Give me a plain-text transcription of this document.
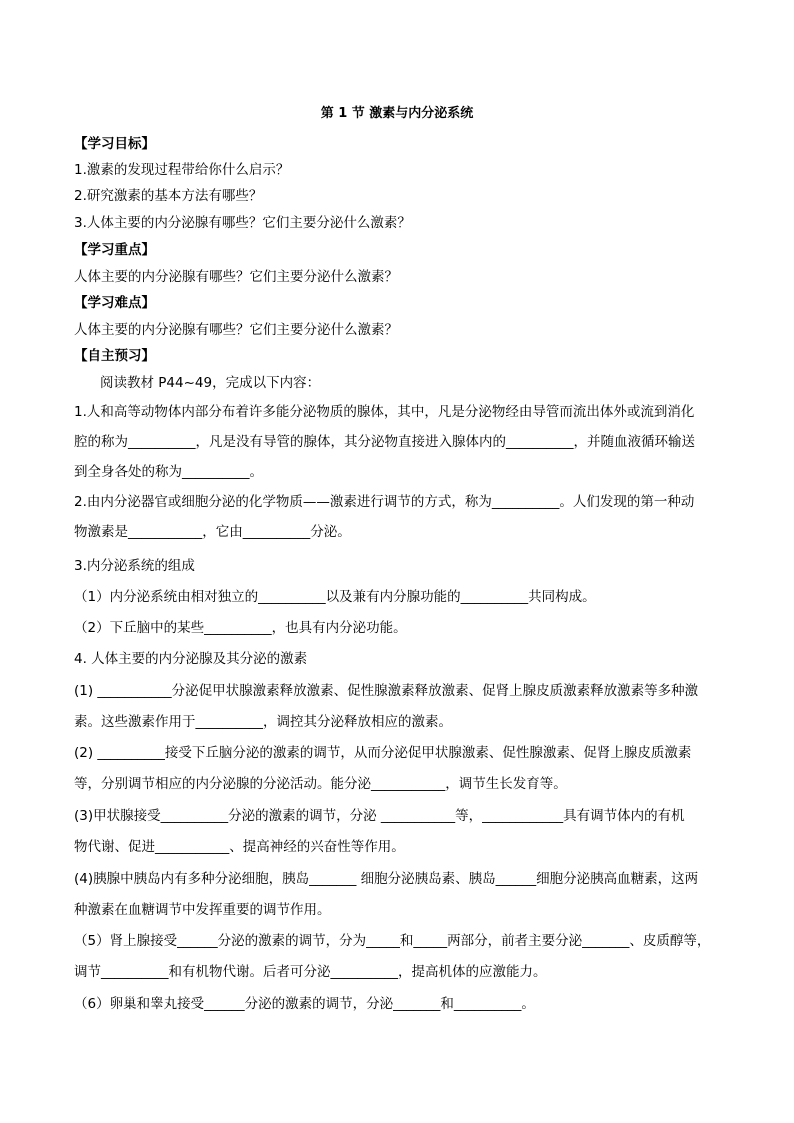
第 1 节 激素与内分泌系统
【学习目标】
1.激素的发现过程带给你什么启示？
2.研究激素的基本方法有哪些？
3.人体主要的内分泌腺有哪些？它们主要分泌什么激素？
【学习重点】
人体主要的内分泌腺有哪些？它们主要分泌什么激素？
【学习难点】
人体主要的内分泌腺有哪些？它们主要分泌什么激素？
【自主预习】
阅读教材 P44~49，完成以下内容：
1.人和高等动物体内部分布着许多能分泌物质的腺体，其中，凡是分泌物经由导管而流出体外或流到消化
腔的称为__________，凡是没有导管的腺体，其分泌物直接进入腺体内的__________，并随血液循环输送
到全身各处的称为__________。
2.由内分泌器官或细胞分泌的化学物质——激素进行调节的方式，称为__________。人们发现的第一种动
物激素是___________，它由__________分泌。
3.内分泌系统的组成
（1）内分泌系统由相对独立的__________以及兼有内分腺功能的__________共同构成。
（2）下丘脑中的某些__________，也具有内分泌功能。
4. 人体主要的内分泌腺及其分泌的激素
(1) ___________分泌促甲状腺激素释放激素、促性腺激素释放激素、促肾上腺皮质激素释放激素等多种激
素。这些激素作用于__________，调控其分泌释放相应的激素。
(2) __________接受下丘脑分泌的激素的调节，从而分泌促甲状腺激素、促性腺激素、促肾上腺皮质激素
等，分别调节相应的内分泌腺的分泌活动。能分泌___________，调节生长发育等。
(3)甲状腺接受__________分泌的激素的调节，分泌 ___________等，____________具有调节体内的有机
物代谢、促进___________、提高神经的兴奋性等作用。
(4)胰腺中胰岛内有多种分泌细胞，胰岛_______ 细胞分泌胰岛素、胰岛______细胞分泌胰高血糖素，这两
种激素在血糖调节中发挥重要的调节作用。
（5）肾上腺接受______分泌的激素的调节，分为_____和_____两部分，前者主要分泌_______、皮质醇等，
调节__________和有机物代谢。后者可分泌__________，提高机体的应激能力。
（6）卵巢和睾丸接受______分泌的激素的调节，分泌_______和__________。
